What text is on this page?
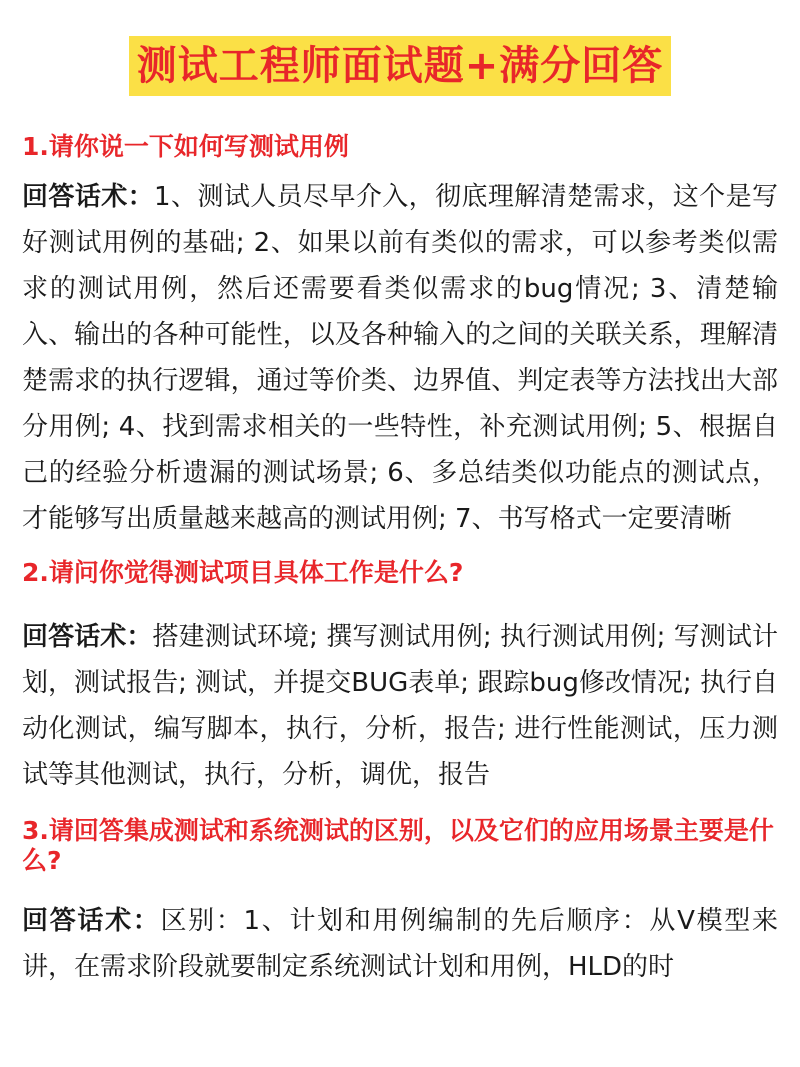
测试工程师面试题+满分回答

1.请你说一下如何写测试用例

回答话术：1、测试人员尽早介入，彻底理解清楚需求，这个是写好测试用例的基础; 2、如果以前有类似的需求，可以参考类似需求的测试用例，然后还需要看类似需求的bug情况; 3、清楚输入、输出的各种可能性，以及各种输入的之间的关联关系，理解清楚需求的执行逻辑，通过等价类、边界值、判定表等方法找出大部分用例; 4、找到需求相关的一些特性，补充测试用例; 5、根据自己的经验分析遗漏的测试场景; 6、多总结类似功能点的测试点，才能够写出质量越来越高的测试用例; 7、书写格式一定要清晰

2.请问你觉得测试项目具体工作是什么?

回答话术：搭建测试环境; 撰写测试用例; 执行测试用例; 写测试计划，测试报告; 测试，并提交BUG表单; 跟踪bug修改情况; 执行自动化测试，编写脚本，执行，分析，报告; 进行性能测试，压力测试等其他测试，执行，分析，调优，报告

3.请回答集成测试和系统测试的区别，以及它们的应用场景主要是什么?

回答话术：区别：1、计划和用例编制的先后顺序：从V模型来讲，在需求阶段就要制定系统测试计划和用例，HLD的时
